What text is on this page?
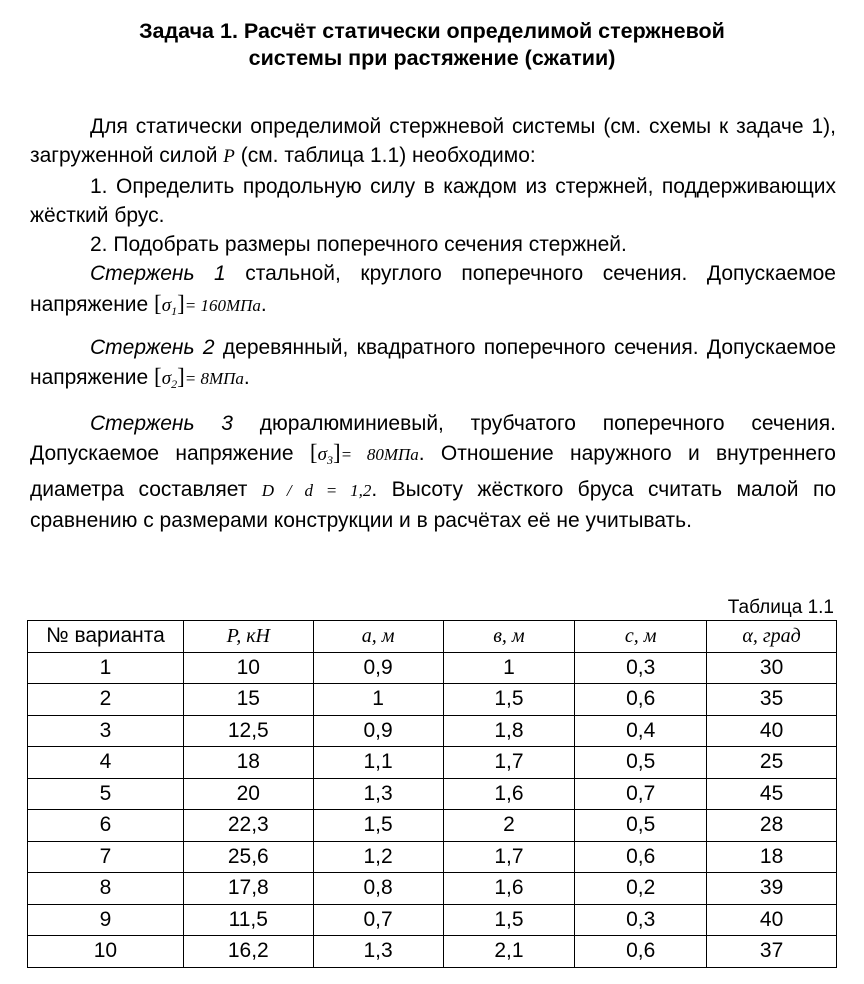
Задача 1. Расчёт статически определимой стержневой
системы при растяжение (сжатии)

Для статически определимой стержневой системы (см. схемы к задаче 1), загруженной силой P (см. таблица 1.1) необходимо:

1. Определить продольную силу в каждом из стержней, поддерживающих жёсткий брус.

2. Подобрать размеры поперечного сечения стержней.

Стержень 1 стальной, круглого поперечного сечения. Допускаемое напряжение $[\sigma_1]= 160МПа$.

Стержень 2 деревянный, квадратного поперечного сечения. Допускаемое напряжение $[\sigma_2]= 8МПа$.

Стержень 3 дюралюминиевый, трубчатого поперечного сечения. Допускаемое напряжение $[\sigma_3]= 80МПа$. Отношение наружного и внутреннего диаметра составляет D / d = 1,2. Высоту жёсткого бруса считать малой по сравнению с размерами конструкции и в расчётах её не учитывать.

Таблица 1.1
№ варианта	P, кН	a, м	в, м	c, м	α, град
1	10	0,9	1	0,3	30
2	15	1	1,5	0,6	35
3	12,5	0,9	1,8	0,4	40
4	18	1,1	1,7	0,5	25
5	20	1,3	1,6	0,7	45
6	22,3	1,5	2	0,5	28
7	25,6	1,2	1,7	0,6	18
8	17,8	0,8	1,6	0,2	39
9	11,5	0,7	1,5	0,3	40
10	16,2	1,3	2,1	0,6	37
